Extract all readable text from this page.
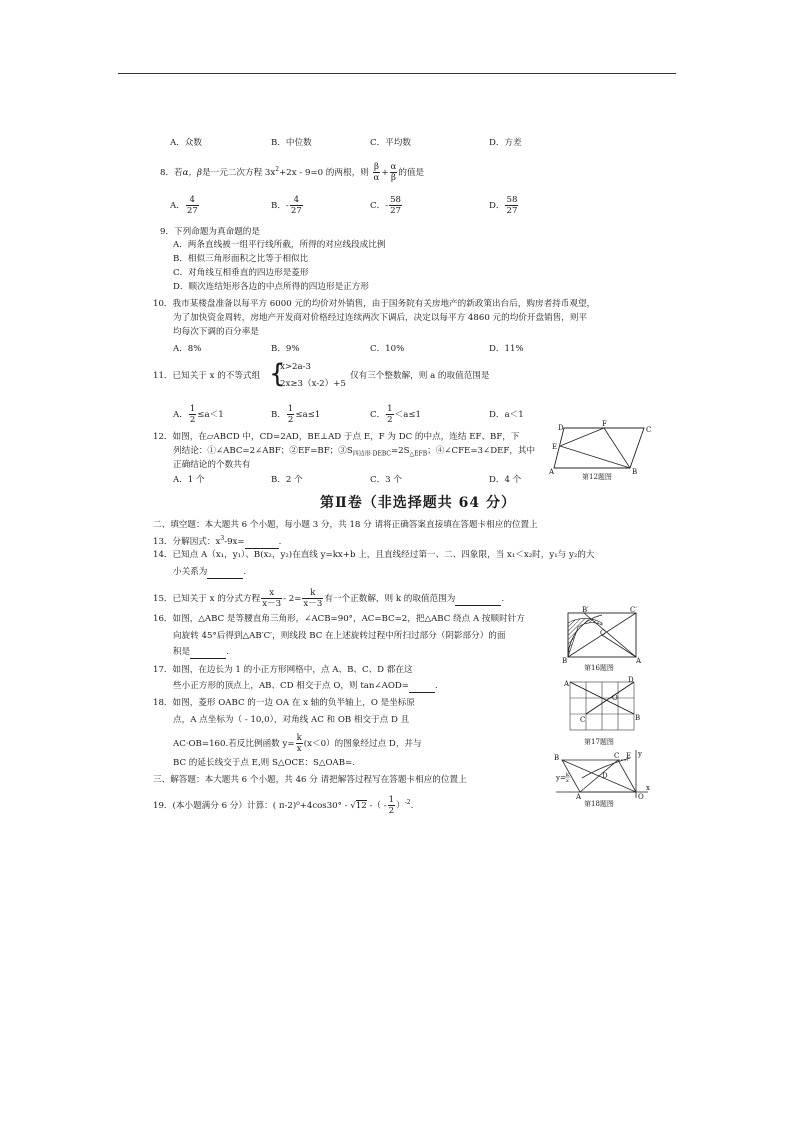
A．众数	B．中位数	C．平均数	D．方差
8．若α，β是一元二次方程 $3x^2+2x - 9=0$ 的两根，则 $\frac{\beta}{\alpha} + \frac{\alpha}{\beta}$ 的值是
A． $\frac{4}{27}$	B．- $\frac{4}{27}$	C．- $\frac{58}{27}$	D． $\frac{58}{27}$
9．下列命题为真命题的是
A．两条直线被一组平行线所截，所得的对应线段成比例
B．相似三角形面积之比等于相似比
C．对角线互相垂直的四边形是菱形
D．顺次连结矩形各边的中点所得的四边形是正方形
10．我市某楼盘准备以每平方 6000 元的均价对外销售，由于国务院有关房地产的新政策出台后，购房者持币观望，
为了加快资金周转，房地产开发商对价格经过连续两次下调后，决定以每平方 4860 元的均价开盘销售，则平
均每次下调的百分率是
A．8%	B．9%	C．10%	D．11%
11．已知关于 x 的不等式组 {
x>2a-3
2x≥3（x-2）+5
仅有三个整数解，则 a 的取值范围是
A． $\frac{1}{2} \le a<1$	B． $\frac{1}{2} \le a\le 1$	C． $\frac{1}{2} <a\le 1$	D．a＜1
12．如图，在▱ABCD 中，CD=2AD，BE⊥AD 于点 E，F 为 DC 的中点，连结 EF、BF，下
列结论：①∠ABC=2∠ABF；②EF=BF；$③S_{四边形 DEBC}=2S_{\triangle EFB}$；④∠CFE=3∠DEF，其中
正确结论的个数共有
A．1 个	B．2 个	C．3 个	D．4 个
D	F
C
E
A	B
第12题图
第Ⅱ卷（非选择题共 64 分）
二、填空题：本大题共 6 个小题，每小题 3 分，共 18 分 请将正确答案直接填在答题卡相应的位置上
13．分解因式：$x^3-9x=$	.
14．已知点 A（x₁，y₁）、B(x₂，y₂)在直线 y=kx+b 上，且直线经过第一、二、四象限，当 x₁＜x₂时，y₁与 y₂的大
小关系为	.
15．已知关于 x 的分式方程 $\frac{x}{x-3} - 2= \frac{k}{x-3}$ 有一个正数解，则 k 的取值范围为	.
16．如图，△ABC 是等腰直角三角形，∠ACB=90°，AC=BC=2，把△ABC 绕点 A 按顺时针方
向旋转 45°后得到△AB′C′，则线段 BC 在上述旋转过程中所扫过部分（阴影部分）的面
积是	.
17．如图，在边长为 1 的小正方形网格中，点 A、B、C、D 都在这
些小正方形的顶点上，AB、CD 相交于点 O，则 tan∠AOD=	.
18．如图，菱形 OABC 的一边 OA 在 x 轴的负半轴上，O 是坐标原
点，A 点坐标为（ - 10,0），对角线 AC 和 OB 相交于点 D 且
AC·OB=160.若反比例函数 $y= \frac{k}{x} (x<0)$的图象经过点 D，并与
BC 的延长线交于点 E,则 S△OCE：S△OAB=.
三、解答题：本大题共 6 个小题，共 46 分 请把解答过程写在答题卡相应的位置上
19．(本小题满分 6 分）计算：( π-2)⁰+4cos30° - √12 -（ - $\frac{1}{2} )^{-2}$.
B′	C′
C
B	A
第16题图
A	D
O
C	B
第17题图
B	C
D
E
A	O
x
y
y= k
x
第18题图
